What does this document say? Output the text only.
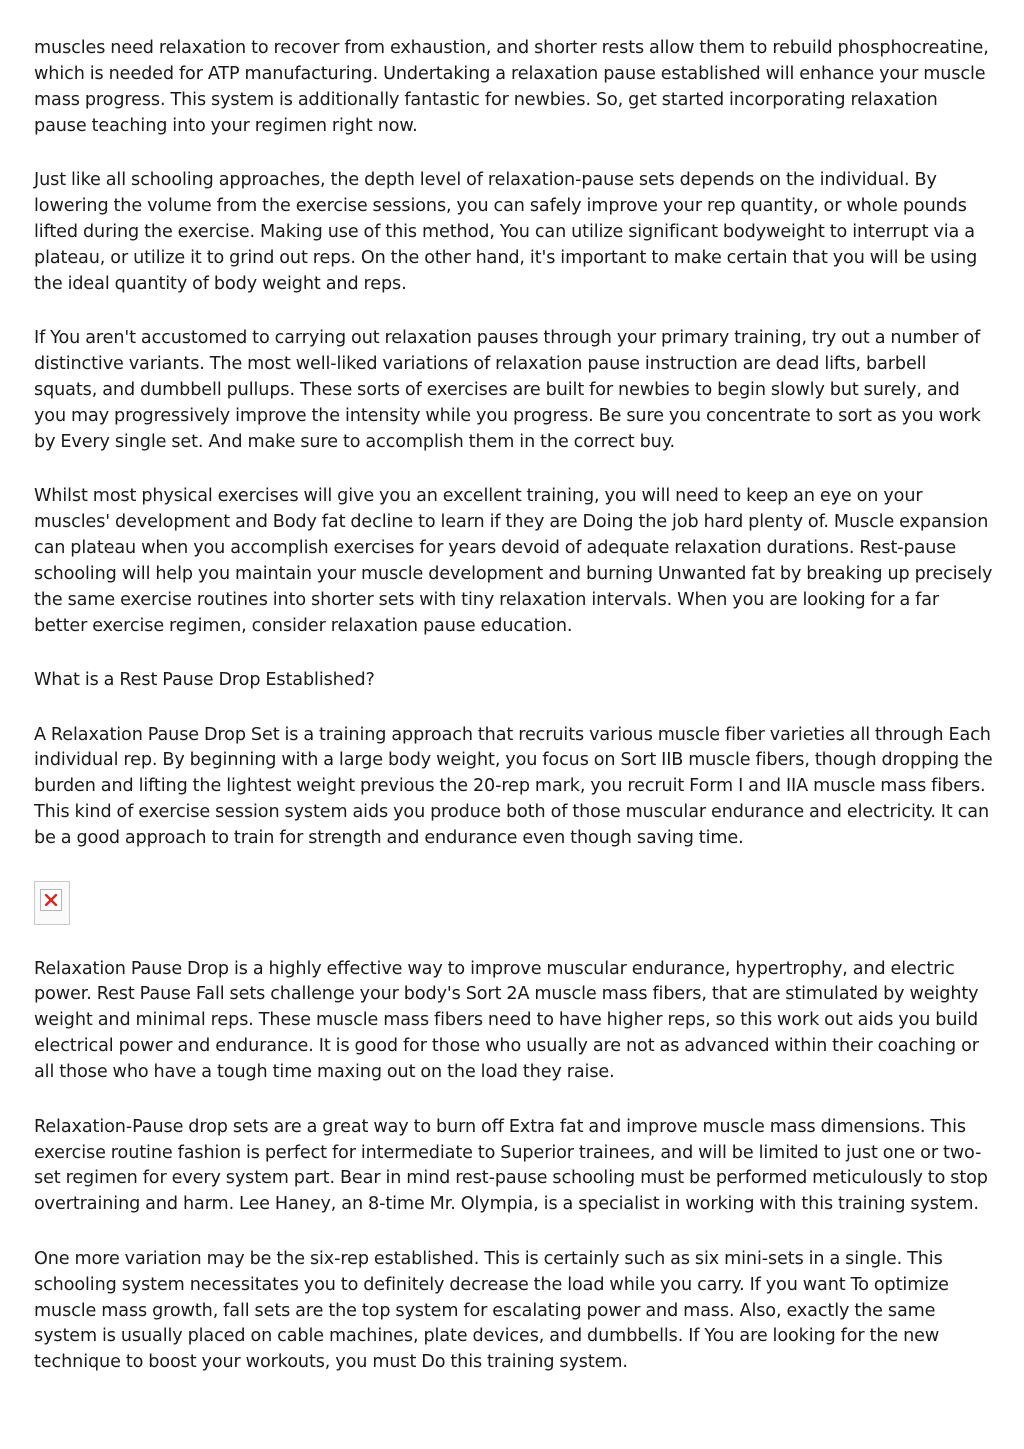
muscles need relaxation to recover from exhaustion, and shorter rests allow them to rebuild phosphocreatine, which is needed for ATP manufacturing. Undertaking a relaxation pause established will enhance your muscle mass progress. This system is additionally fantastic for newbies. So, get started incorporating relaxation pause teaching into your regimen right now.

Just like all schooling approaches, the depth level of relaxation-pause sets depends on the individual. By lowering the volume from the exercise sessions, you can safely improve your rep quantity, or whole pounds lifted during the exercise. Making use of this method, You can utilize significant bodyweight to interrupt via a plateau, or utilize it to grind out reps. On the other hand, it's important to make certain that you will be using the ideal quantity of body weight and reps.

If You aren't accustomed to carrying out relaxation pauses through your primary training, try out a number of distinctive variants. The most well-liked variations of relaxation pause instruction are dead lifts, barbell squats, and dumbbell pullups. These sorts of exercises are built for newbies to begin slowly but surely, and you may progressively improve the intensity while you progress. Be sure you concentrate to sort as you work by Every single set. And make sure to accomplish them in the correct buy.

Whilst most physical exercises will give you an excellent training, you will need to keep an eye on your muscles' development and Body fat decline to learn if they are Doing the job hard plenty of. Muscle expansion can plateau when you accomplish exercises for years devoid of adequate relaxation durations. Rest-pause schooling will help you maintain your muscle development and burning Unwanted fat by breaking up precisely the same exercise routines into shorter sets with tiny relaxation intervals. When you are looking for a far better exercise regimen, consider relaxation pause education.

What is a Rest Pause Drop Established?

A Relaxation Pause Drop Set is a training approach that recruits various muscle fiber varieties all through Each individual rep. By beginning with a large body weight, you focus on Sort IIB muscle fibers, though dropping the burden and lifting the lightest weight previous the 20-rep mark, you recruit Form I and IIA muscle mass fibers. This kind of exercise session system aids you produce both of those muscular endurance and electricity. It can be a good approach to train for strength and endurance even though saving time.

Relaxation Pause Drop is a highly effective way to improve muscular endurance, hypertrophy, and electric power. Rest Pause Fall sets challenge your body's Sort 2A muscle mass fibers, that are stimulated by weighty weight and minimal reps. These muscle mass fibers need to have higher reps, so this work out aids you build electrical power and endurance. It is good for those who usually are not as advanced within their coaching or all those who have a tough time maxing out on the load they raise.

Relaxation-Pause drop sets are a great way to burn off Extra fat and improve muscle mass dimensions. This exercise routine fashion is perfect for intermediate to Superior trainees, and will be limited to just one or two-set regimen for every system part. Bear in mind rest-pause schooling must be performed meticulously to stop overtraining and harm. Lee Haney, an 8-time Mr. Olympia, is a specialist in working with this training system.

One more variation may be the six-rep established. This is certainly such as six mini-sets in a single. This schooling system necessitates you to definitely decrease the load while you carry. If you want To optimize muscle mass growth, fall sets are the top system for escalating power and mass. Also, exactly the same system is usually placed on cable machines, plate devices, and dumbbells. If You are looking for the new technique to boost your workouts, you must Do this training system.
